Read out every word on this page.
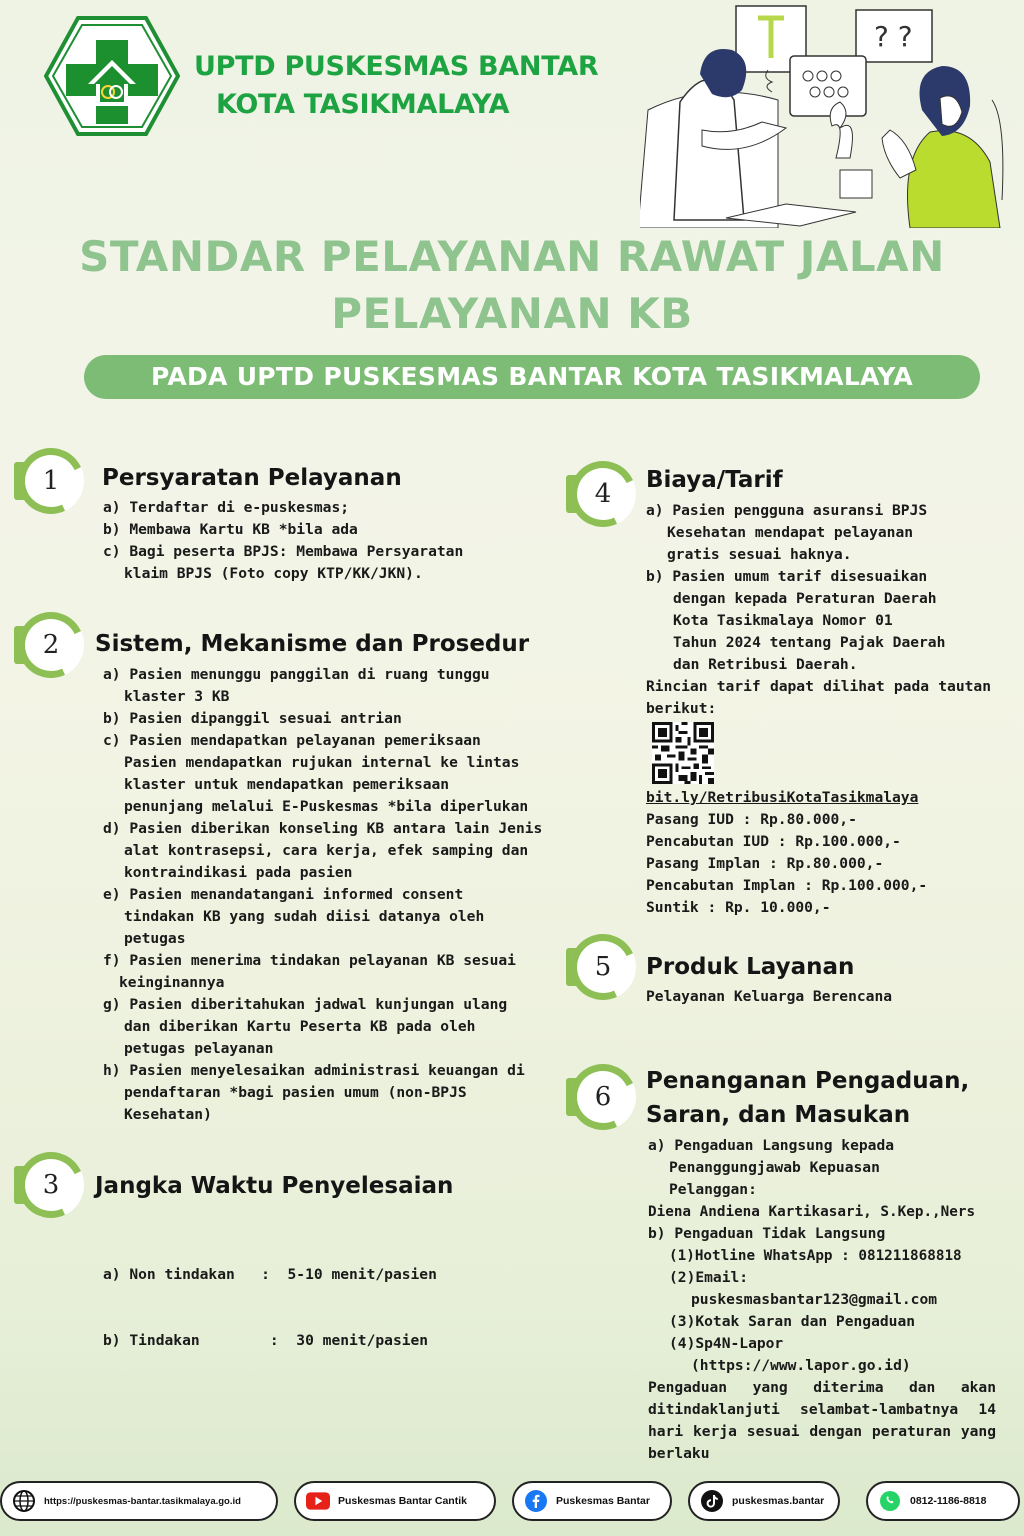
UPTD PUSKESMAS BANTAR
KOTA TASIKMALAYA
? ?
STANDAR PELAYANAN RAWAT JALAN
PELAYANAN KB
PADA UPTD PUSKESMAS BANTAR KOTA TASIKMALAYA
1	Persyaratan Pelayanan

a) Terdaftar di e-puskesmas;

b) Membawa Kartu KB *bila ada

c) Bagi peserta BPJS: Membawa Persyaratan

klaim BPJS (Foto copy KTP/KK/JKN).

2	Sistem, Mekanisme dan Prosedur

a) Pasien menunggu panggilan di ruang tunggu

klaster 3 KB

b) Pasien dipanggil sesuai antrian

c) Pasien mendapatkan pelayanan pemeriksaan

Pasien mendapatkan rujukan internal ke lintas

klaster untuk mendapatkan pemeriksaan

penunjang melalui E-Puskesmas *bila diperlukan

d) Pasien diberikan konseling KB antara lain Jenis

alat kontrasepsi, cara kerja, efek samping dan

kontraindikasi pada pasien

e) Pasien menandatangani informed consent

tindakan KB yang sudah diisi datanya oleh

petugas

f) Pasien menerima tindakan pelayanan KB sesuai

keinginannya

g) Pasien diberitahukan jadwal kunjungan ulang

dan diberikan Kartu Peserta KB pada oleh

petugas pelayanan

h) Pasien menyelesaikan administrasi keuangan di

pendaftaran *bagi pasien umum (non-BPJS

Kesehatan)

3	Jangka Waktu Penyelesaian

a) Non tindakan   :  5-10 menit/pasien

b) Tindakan        :  30 menit/pasien

4	Biaya/Tarif

a) Pasien pengguna asuransi BPJS

Kesehatan mendapat pelayanan

gratis sesuai haknya.

b) Pasien umum tarif disesuaikan

dengan kepada Peraturan Daerah

Kota Tasikmalaya Nomor 01

Tahun 2024 tentang Pajak Daerah

dan Retribusi Daerah.

Rincian tarif dapat dilihat pada tautan berikut:

bit.ly/RetribusiKotaTasikmalaya

Pasang IUD : Rp.80.000,-

Pencabutan IUD : Rp.100.000,-

Pasang Implan : Rp.80.000,-

Pencabutan Implan : Rp.100.000,-

Suntik : Rp. 10.000,-

5	Produk Layanan
Pelayanan Keluarga Berencana
6
Penanganan Pengaduan,
Saran, dan Masukan

a) Pengaduan Langsung kepada

Penanggungjawab Kepuasan

Pelanggan:

Diena Andiena Kartikasari, S.Kep.,Ners

b) Pengaduan Tidak Langsung

(1)Hotline WhatsApp : 081211868818

(2)Email:

puskesmasbantar123@gmail.com

(3)Kotak Saran dan Pengaduan

(4)Sp4N-Lapor

(https://www.lapor.go.id)

Pengaduan yang diterima dan akan ditindaklanjuti selambat-lambatnya 14 hari kerja sesuai dengan peraturan yang berlaku

https://puskesmas-bantar.tasikmalaya.go.id	Puskesmas Bantar Cantik	Puskesmas Bantar	puskesmas.bantar	0812-1186-8818
